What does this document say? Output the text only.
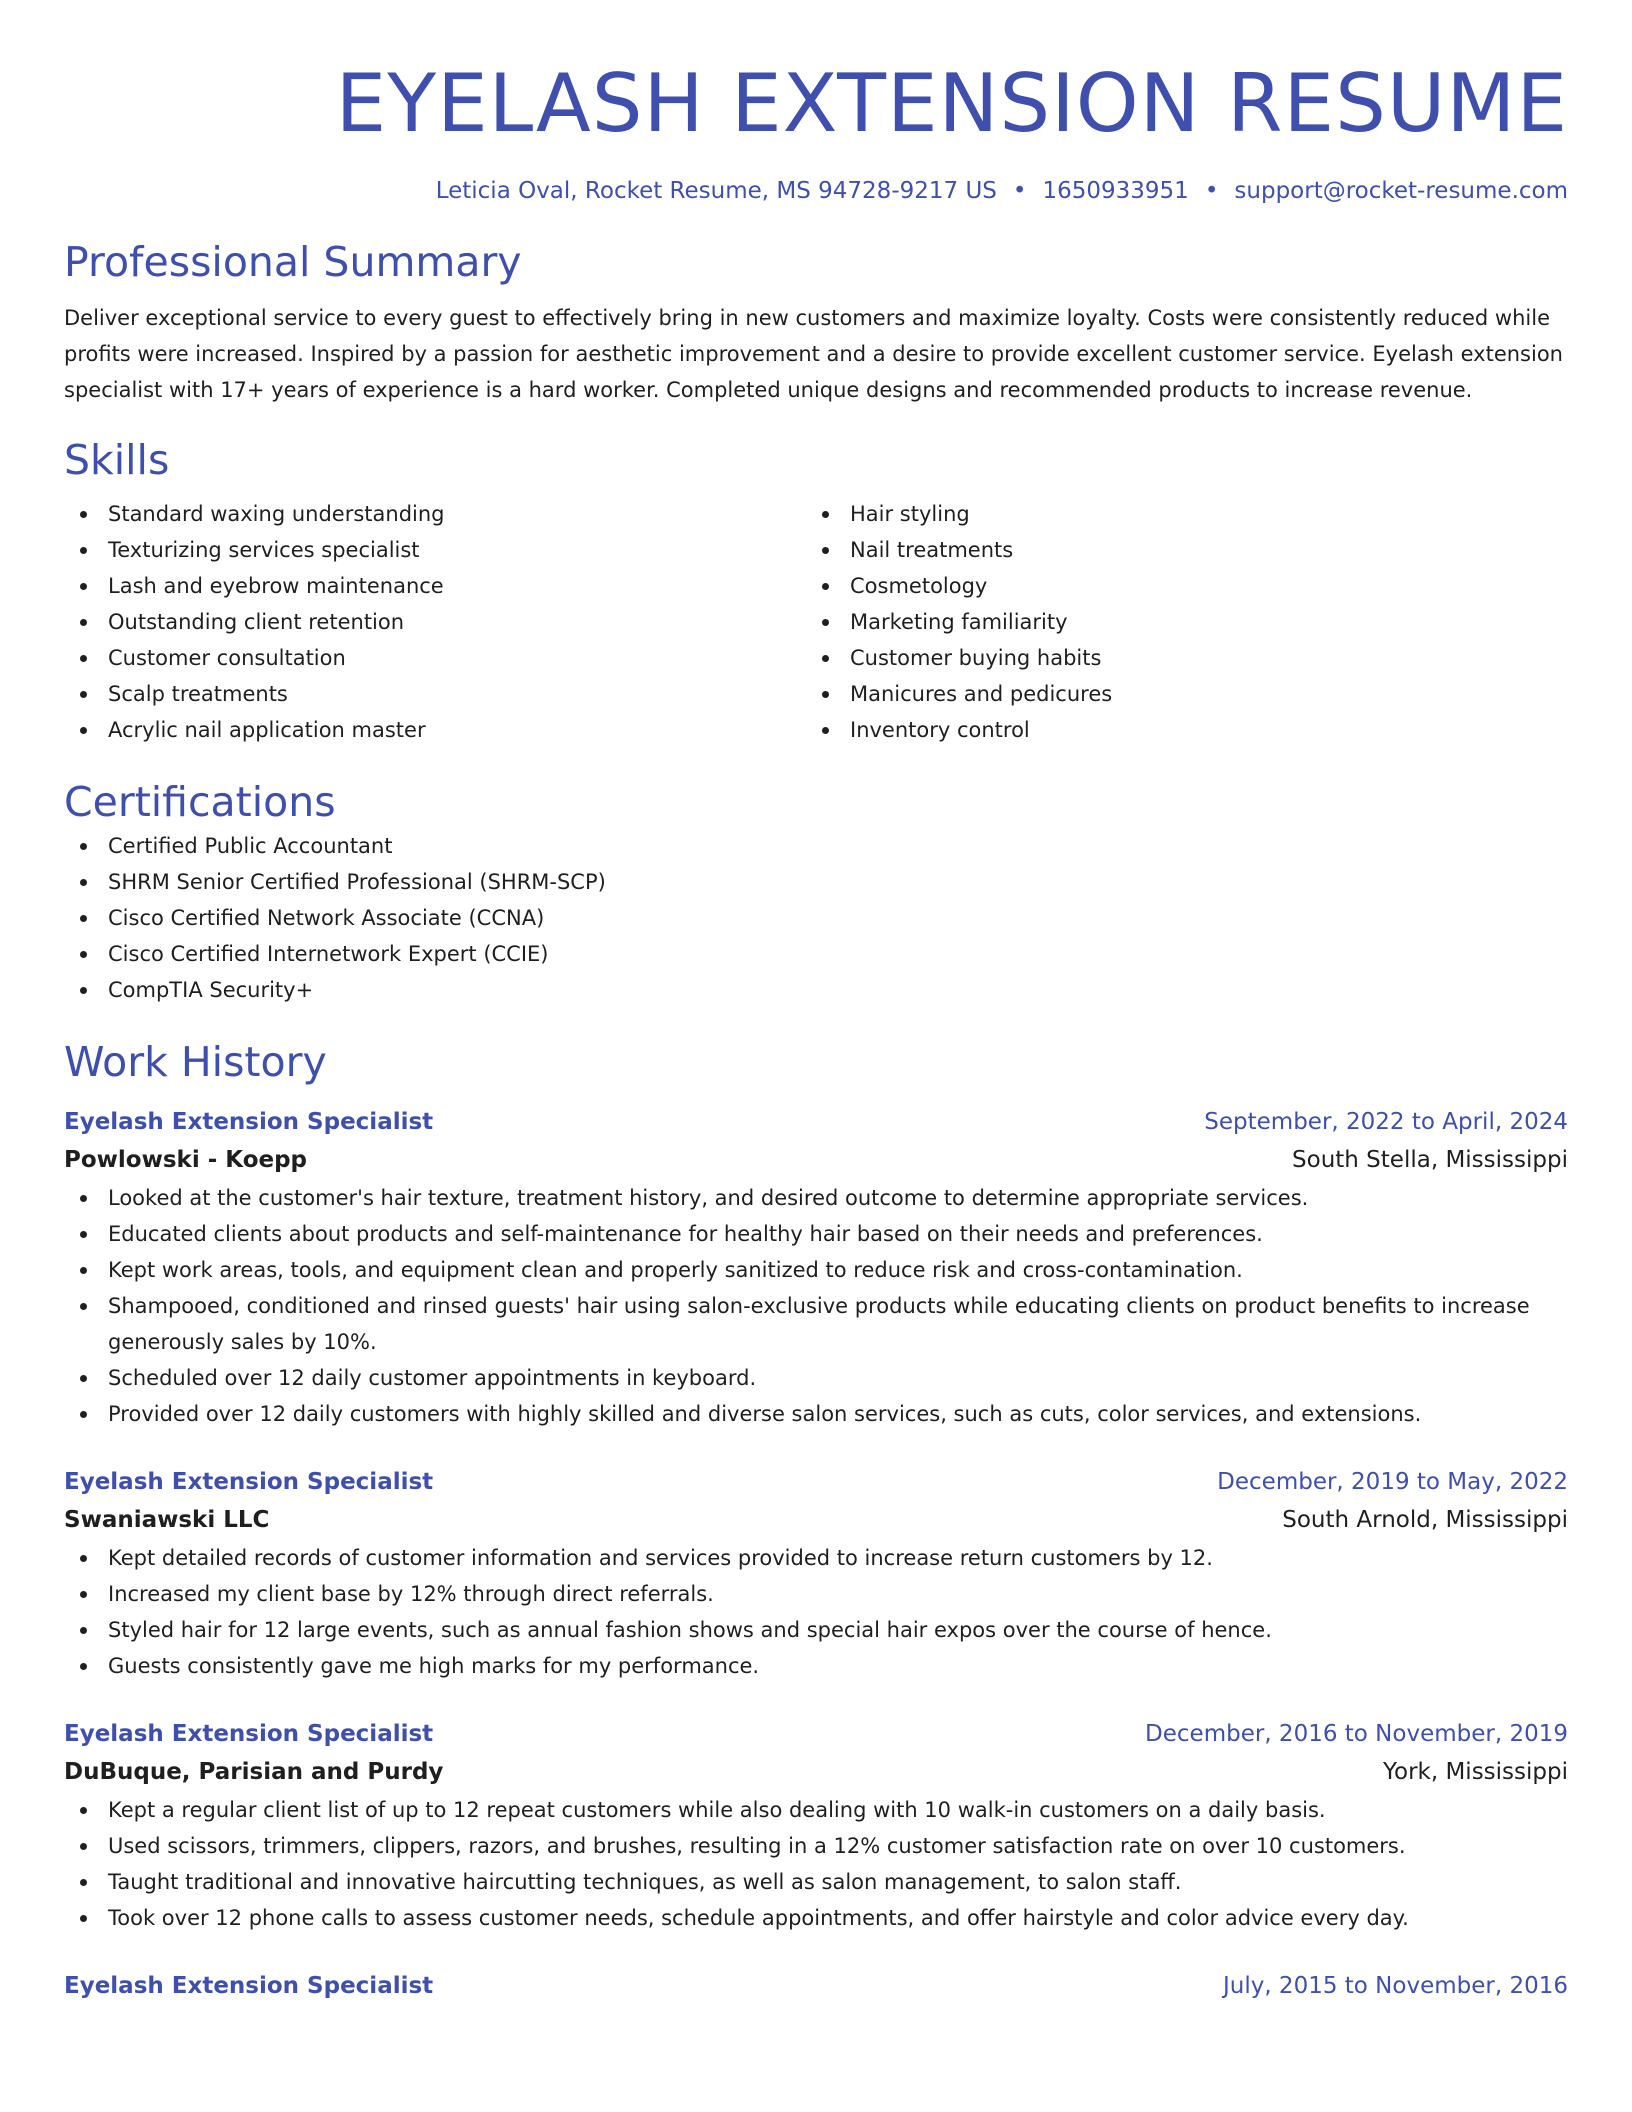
EYELASH EXTENSION RESUME
Leticia Oval, Rocket Resume, MS 94728-9217 US • 1650933951 • support@rocket-resume.com
Professional Summary

Deliver exceptional service to every guest to effectively bring in new customers and maximize loyalty. Costs were consistently reduced while profits were increased. Inspired by a passion for aesthetic improvement and a desire to provide excellent customer service. Eyelash extension specialist with 17+ years of experience is a hard worker. Completed unique designs and recommended products to increase revenue.

Skills
Standard waxing understanding
Texturizing services specialist
Lash and eyebrow maintenance
Outstanding client retention
Customer consultation
Scalp treatments
Acrylic nail application master
Hair styling
Nail treatments
Cosmetology
Marketing familiarity
Customer buying habits
Manicures and pedicures
Inventory control
Certifications
Certified Public Accountant
SHRM Senior Certified Professional (SHRM-SCP)
Cisco Certified Network Associate (CCNA)
Cisco Certified Internetwork Expert (CCIE)
CompTIA Security+
Work History
Eyelash Extension Specialist	September, 2022 to April, 2024
Powlowski - Koepp	South Stella, Mississippi
Looked at the customer's hair texture, treatment history, and desired outcome to determine appropriate services.
Educated clients about products and self-maintenance for healthy hair based on their needs and preferences.
Kept work areas, tools, and equipment clean and properly sanitized to reduce risk and cross-contamination.
Shampooed, conditioned and rinsed guests' hair using salon-exclusive products while educating clients on product benefits to increase generously sales by 10%.
Scheduled over 12 daily customer appointments in keyboard.
Provided over 12 daily customers with highly skilled and diverse salon services, such as cuts, color services, and extensions.
Eyelash Extension Specialist	December, 2019 to May, 2022
Swaniawski LLC	South Arnold, Mississippi
Kept detailed records of customer information and services provided to increase return customers by 12.
Increased my client base by 12% through direct referrals.
Styled hair for 12 large events, such as annual fashion shows and special hair expos over the course of hence.
Guests consistently gave me high marks for my performance.
Eyelash Extension Specialist	December, 2016 to November, 2019
DuBuque, Parisian and Purdy	York, Mississippi
Kept a regular client list of up to 12 repeat customers while also dealing with 10 walk-in customers on a daily basis.
Used scissors, trimmers, clippers, razors, and brushes, resulting in a 12% customer satisfaction rate on over 10 customers.
Taught traditional and innovative haircutting techniques, as well as salon management, to salon staff.
Took over 12 phone calls to assess customer needs, schedule appointments, and offer hairstyle and color advice every day.
Eyelash Extension Specialist	July, 2015 to November, 2016
